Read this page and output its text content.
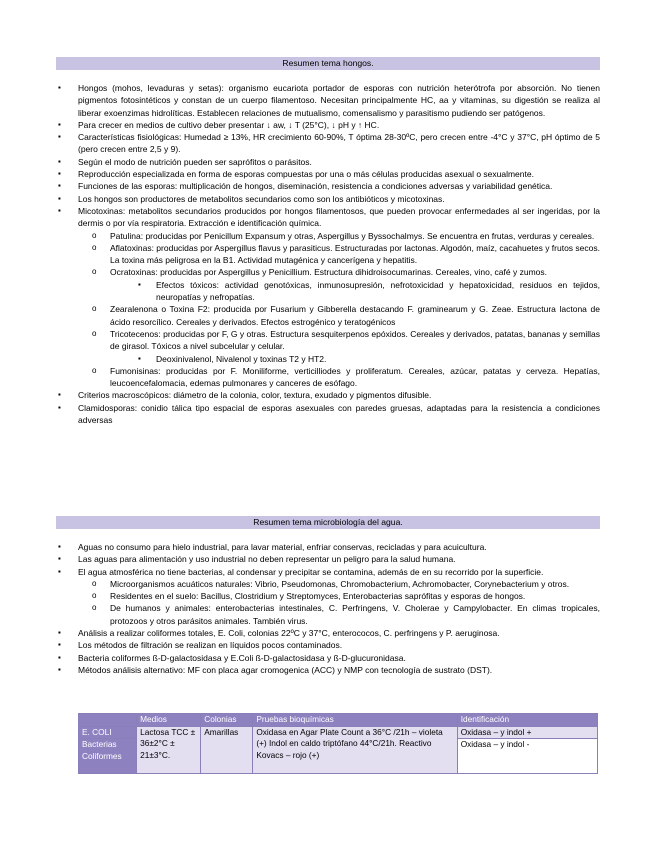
Resumen tema hongos.
▪ Hongos (mohos, levaduras y setas): organismo eucariota portador de esporas con nutrición heterótrofa por absorción. No tienen pigmentos fotosintéticos y constan de un cuerpo filamentoso. Necesitan principalmente HC, aa y vitaminas, su digestión se realiza al liberar exoenzimas hidrolíticas. Establecen relaciones de mutualismo, comensalismo y parasitismo pudiendo ser patógenos.
▪ Para crecer en medios de cultivo deber presentar ↓ aw, ↓ T (25°C), ↓ pH y ↑ HC.
▪ Características fisiológicas: Humedad ≥ 13%, HR crecimiento 60-90%, T óptima 28-30ºC, pero crecen entre -4°C y 37°C, pH óptimo de 5 (pero crecen entre 2,5 y 9).
▪ Según el modo de nutrición pueden ser saprófitos o parásitos.
▪ Reproducción especializada en forma de esporas compuestas por una o más células producidas asexual o sexualmente.
▪ Funciones de las esporas: multiplicación de hongos, diseminación, resistencia a condiciones adversas y variabilidad genética.
▪ Los hongos son productores de metabolitos secundarios como son los antibióticos y micotoxinas.
▪ Micotoxinas: metabolitos secundarios producidos por hongos filamentosos, que pueden provocar enfermedades al ser ingeridas, por la dermis o por vía respiratoria. Extracción e identificación química.
o Patulina: producidas por Penicillum Expansum y otras, Aspergillus y Byssochalmys. Se encuentra en frutas, verduras y cereales.
o Aflatoxinas: producidas por Aspergillus flavus y parasiticus. Estructuradas por lactonas. Algodón, maíz, cacahuetes y frutos secos. La toxina más peligrosa en la B1. Actividad mutagénica y cancerígena y hepatitis.
o Ocratoxinas: producidas por Aspergillus y Penicillium. Estructura dihidroisocumarinas. Cereales, vino, café y zumos.
▪ Efectos tóxicos: actividad genotóxicas, inmunosupresión, nefrotoxicidad y hepatoxicidad, residuos en tejidos, neuropatías y nefropatías.
o Zearalenona o Toxina F2: producida por Fusarium y Gibberella destacando F. graminearum y G. Zeae. Estructura lactona de ácido resorcílico. Cereales y derivados. Efectos estrogénico y teratogénicos
o Tricotecenos: producidas por F, G y otras. Estructura sesquiterpenos epóxidos. Cereales y derivados, patatas, bananas y semillas de girasol. Tóxicos a nivel subcelular y celular.
▪ Deoxinivalenol, Nivalenol y toxinas T2 y HT2.
o Fumonisinas: producidas por F. Moniliforme, verticilliodes y proliferatum. Cereales, azúcar, patatas y cerveza. Hepatías, leucoencefalomacia, edemas pulmonares y canceres de esófago.
▪ Criterios macroscópicos: diámetro de la colonia, color, textura, exudado y pigmentos difusible.
▪ Clamidosporas: conidio tálica tipo espacial de esporas asexuales con paredes gruesas, adaptadas para la resistencia a condiciones adversas
Resumen tema microbiología del agua.
▪ Aguas no consumo para hielo industrial, para lavar material, enfriar conservas, recicladas y para acuicultura.
▪ Las aguas para alimentación y uso industrial no deben representar un peligro para la salud humana.
▪ El agua atmosférica no tiene bacterias, al condensar y precipitar se contamina, además de en su recorrido por la superficie.
o Microorganismos acuáticos naturales: Vibrio, Pseudomonas, Chromobacterium, Achromobacter, Corynebacterium y otros.
o Residentes en el suelo: Bacillus, Clostridium y Streptomyces, Enterobacterias saprófitas y esporas de hongos.
o De humanos y animales: enterobacterias intestinales, C. Perfringens, V. Cholerae y Campylobacter. En climas tropicales, protozoos y otros parásitos animales. También virus.
▪ Análisis a realizar coliformes totales, E. Coli, colonias 22ºC y 37°C, enterococos, C. perfringens y P. aeruginosa.
▪ Los métodos de filtración se realizan en líquidos pocos contaminados.
▪ Bacteria coliformes ß-D-galactosidasa y E.Coli ß-D-galactosidasa y ß-D-glucuronidasa.
▪ Métodos análisis alternativo: MF con placa agar cromogenica (ACC) y NMP con tecnología de sustrato (DST).
	Medios	Colonias	Pruebas bioquímicas	Identificación
E. COLI	Lactosa TCC ± 36±2°C ± 21±3°C.	Amarillas	Oxidasa en Agar Plate Count a 36°C /21h – violeta (+) Indol en caldo triptófano 44°C/21h. Reactivo Kovacs – rojo (+)	Oxidasa – y indol +
Bacterias Coliformes				Oxidasa – y indol -
